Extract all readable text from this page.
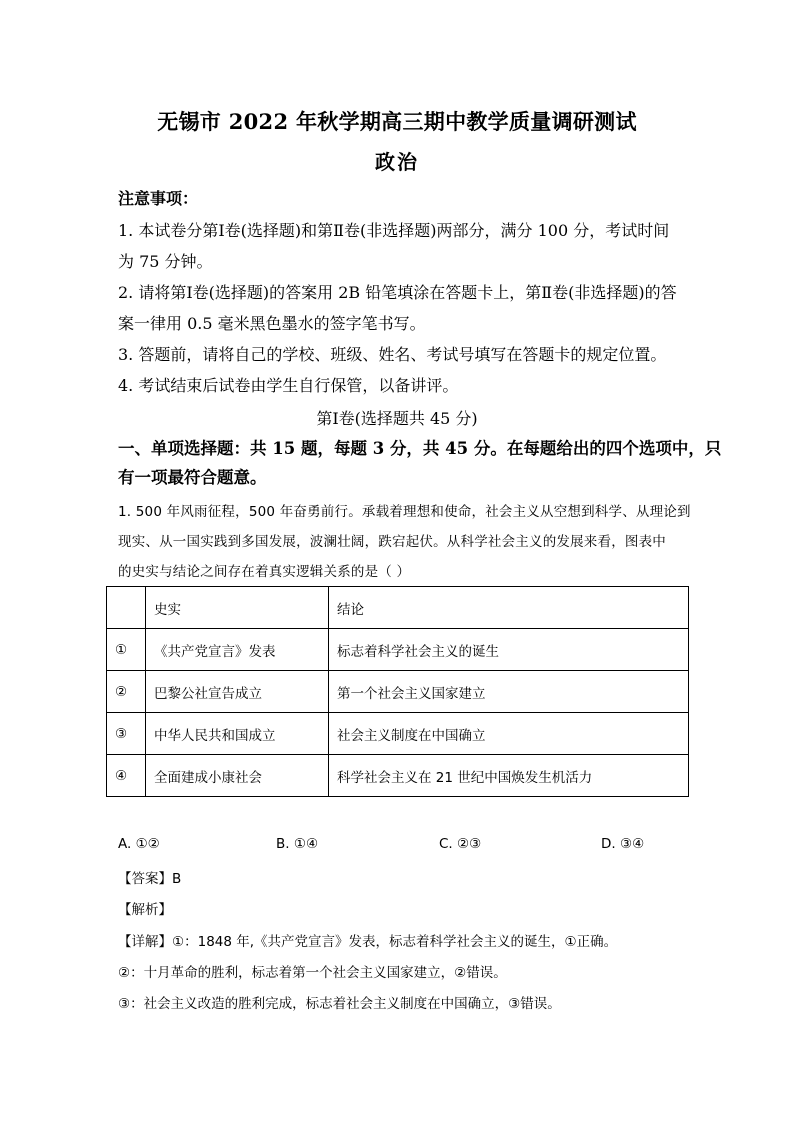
无锡市 2022 年秋学期高三期中教学质量调研测试
政治
注意事项：
1. 本试卷分第Ⅰ卷(选择题)和第Ⅱ卷(非选择题)两部分，满分 100 分，考试时间
为 75 分钟。
2. 请将第Ⅰ卷(选择题)的答案用 2B 铅笔填涂在答题卡上，第Ⅱ卷(非选择题)的答
案一律用 0.5 毫米黑色墨水的签字笔书写。
3. 答题前，请将自己的学校、班级、姓名、考试号填写在答题卡的规定位置。
4. 考试结束后试卷由学生自行保管，以备讲评。
第Ⅰ卷(选择题共 45 分)
一、单项选择题：共 15 题，每题 3 分，共 45 分。在每题给出的四个选项中，只
有一项最符合题意。
1. 500 年风雨征程，500 年奋勇前行。承载着理想和使命，社会主义从空想到科学、从理论到
现实、从一国实践到多国发展，波澜壮阔，跌宕起伏。从科学社会主义的发展来看，图表中
的史实与结论之间存在着真实逻辑关系的是（ ）
	史实	结论
①	《共产党宣言》发表	标志着科学社会主义的诞生
②	巴黎公社宣告成立	第一个社会主义国家建立
③	中华人民共和国成立	社会主义制度在中国确立
④	全面建成小康社会	科学社会主义在 21 世纪中国焕发生机活力
A. ①②	B. ①④	C. ②③	D. ③④
【答案】B
【解析】
【详解】①：1848 年,《共产党宣言》发表，标志着科学社会主义的诞生，①正确。
②：十月革命的胜利，标志着第一个社会主义国家建立，②错误。
③：社会主义改造的胜利完成，标志着社会主义制度在中国确立，③错误。
